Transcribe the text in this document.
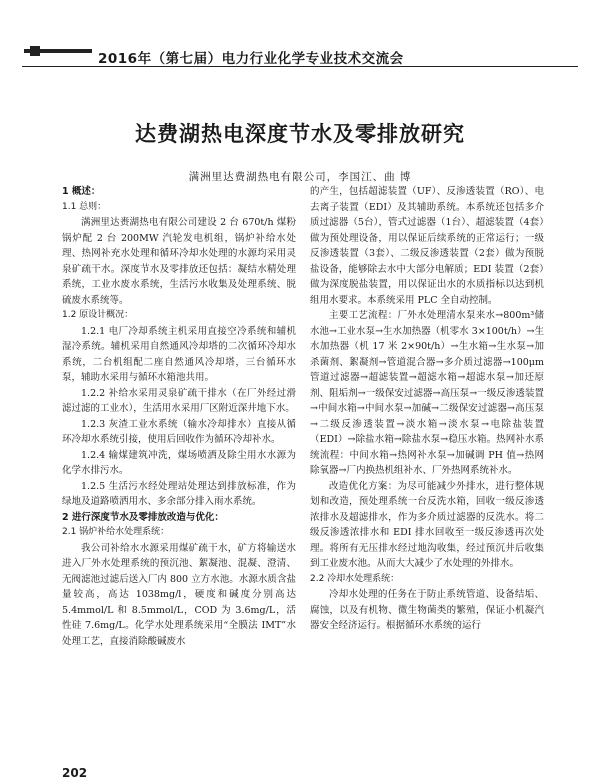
2016年（第七届）电力行业化学专业技术交流会
达费湖热电深度节水及零排放研究
满洲里达费湖热电有限公司，李国江、曲 博

1 概述：

1.1 总则：

满洲里达赉湖热电有限公司建设 2 台 670t/h 煤粉锅炉配 2 台 200MW 汽轮发电机组，锅炉补给水处理、热网补充水处理和循环冷却水处理的水源均采用灵泉矿疏干水。深度节水及零排放还包括：凝结水精处理系统，工业水废水系统，生活污水收集及处理系统、脱硫废水系统等。

1.2 原设计概况：

1.2.1 电厂冷却系统主机采用直接空冷系统和辅机湿冷系统。辅机采用自然通风冷却塔的二次循环冷却水系统，二台机组配二座自然通风冷却塔，三台循环水泵，辅助水采用与循环水箱池共用。

1.2.2 补给水采用灵泉矿疏干排水（在厂外经过滑滤过滤的工业水），生活用水采用厂区附近深井地下水。

1.2.3 灰渣工业水系统（输水冷却排水）直接从循环冷却水系统引接，使用后回收作为循环冷却补水。

1.2.4 输煤建筑冲洗，煤场喷洒及除尘用水水源为化学水排污水。

1.2.5 生活污水经处理站处理达到排放标准，作为绿地及道路喷洒用水、多余部分排入雨水系统。

2 进行深度节水及零排放改造与优化：

2.1 锅炉补给水处理系统：

我公司补给水水源采用煤矿疏干水，矿方将输送水进入厂外水处理系统的预沉池、絮凝池、混凝、澄清、无阀滤池过滤后送入厂内 800 立方水池。水源水质含盐量较高，高达 1038mg/l，硬度和碱度分别高达 5.4mmol/L 和 8.5mmol/L，COD 为 3.6mg/L，活性硅 7.6mg/L。化学水处理系统采用“全膜法 IMT”水处理工艺，直接消除酸碱废水

的产生，包括超滤装置（UF）、反渗透装置（RO）、电去离子装置（EDI）及其辅助系统。本系统还包括多介质过滤器（5台），管式过滤器（1台）、超滤装置（4套）做为预处理设备，用以保证后续系统的正常运行；一级反渗透装置（3套）、二级反渗透装置（2套）做为预脱盐设备，能够除去水中大部分电解质；EDI 装置（2套）做为深度脱盐装置，用以保证出水的水质指标以达到机组用水要求。本系统采用 PLC 全自动控制。

主要工艺流程：厂外水处理清水泵来水→800m³储水池→工业水泵→生水加热器（机零水 3×100t/h）→生水加热器（机 17 米 2×90t/h）→生水箱→生水泵→加杀菌剂、絮凝剂→管道混合器→多介质过滤器→100μm 管道过滤器→超滤装置→超滤水箱→超滤水泵→加还原剂、阻垢剂→一级保安过滤器→高压泵→一级反渗透装置→中间水箱→中间水泵→加碱→二级保安过滤器→高压泵→二级反渗透装置→淡水箱→淡水泵→电除盐装置（EDI）→除盐水箱→除盐水泵→稳压水箱。热网补水系统流程：中间水箱→热网补水泵→加碱调 PH 值→热网除氧器→厂内换热机组补水、厂外热网系统补水。

改造优化方案：为尽可能减少外排水，进行整体规划和改造，预处理系统一台反洗水箱，回收一级反渗透浓排水及超滤排水，作为多介质过滤器的反洗水。将二级反渗透浓排水和 EDI 排水回收至一级反渗透再次处理。将所有无压排水经过地沟收集，经过预沉井后收集到工业废水池。从而大大减少了水处理的外排水。

2.2 冷却水处理系统：

冷却水处理的任务在于防止系统管道、设备结垢、腐蚀，以及有机物、微生物菌类的繁殖，保证小机凝汽器安全经济运行。根据循环水系统的运行

202
